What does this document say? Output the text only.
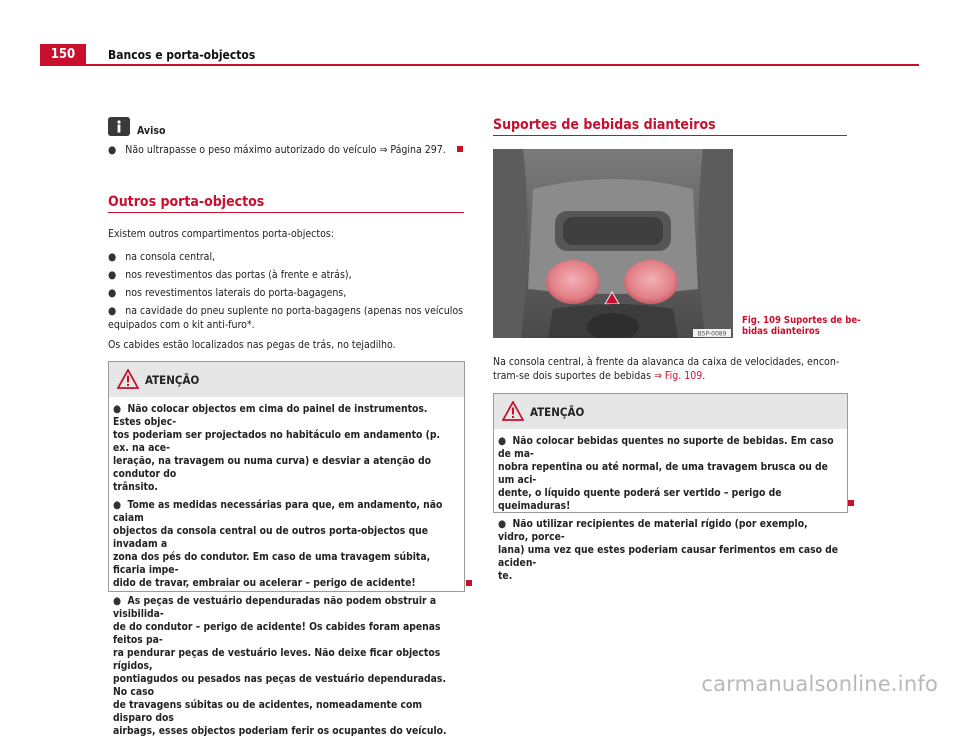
150	Bancos e porta-objectos
Aviso
● Não ultrapasse o peso máximo autorizado do veículo ⇒ Página 297.
Outros porta-objectos
Existem outros compartimentos porta-objectos:
● na consola central,
● nos revestimentos das portas (à frente e atrás),
● nos revestimentos laterais do porta-bagagens,
● na cavidade do pneu suplente no porta-bagagens (apenas nos veículos
equipados com o kit anti-furo*.
Os cabides estão localizados nas pegas de trás, no tejadilho.
ATENÇÃO

● Não colocar objectos em cima do painel de instrumentos. Estes objec-
tos poderiam ser projectados no habitáculo em andamento (p. ex. na ace-
leração, na travagem ou numa curva) e desviar a atenção do condutor do
trânsito.

● Tome as medidas necessárias para que, em andamento, não caiam
objectos da consola central ou de outros porta-objectos que invadam a
zona dos pés do condutor. Em caso de uma travagem súbita, ficaria impe-
dido de travar, embraiar ou acelerar – perigo de acidente!

● As peças de vestuário dependuradas não podem obstruir a visibilida-
de do condutor – perigo de acidente! Os cabides foram apenas feitos pa-
ra pendurar peças de vestuário leves. Não deixe ficar objectos rígidos,
pontiagudos ou pesados nas peças de vestuário dependuradas. No caso
de travagens súbitas ou de acidentes, nomeadamente com disparo dos
airbags, esses objectos poderiam ferir os ocupantes do veículo.

Suportes de bebidas dianteiros
B5P-0089
Fig. 109 Suportes de be-
bidas dianteiros
Na consola central, à frente da alavanca da caixa de velocidades, encon-
tram-se dois suportes de bebidas ⇒ Fig. 109.
ATENÇÃO

● Não colocar bebidas quentes no suporte de bebidas. Em caso de ma-
nobra repentina ou até normal, de uma travagem brusca ou de um aci-
dente, o líquido quente poderá ser vertido – perigo de queimaduras!

● Não utilizar recipientes de material rígido (por exemplo, vidro, porce-
lana) uma vez que estes poderiam causar ferimentos em caso de aciden-
te.

carmanualsonline.info
